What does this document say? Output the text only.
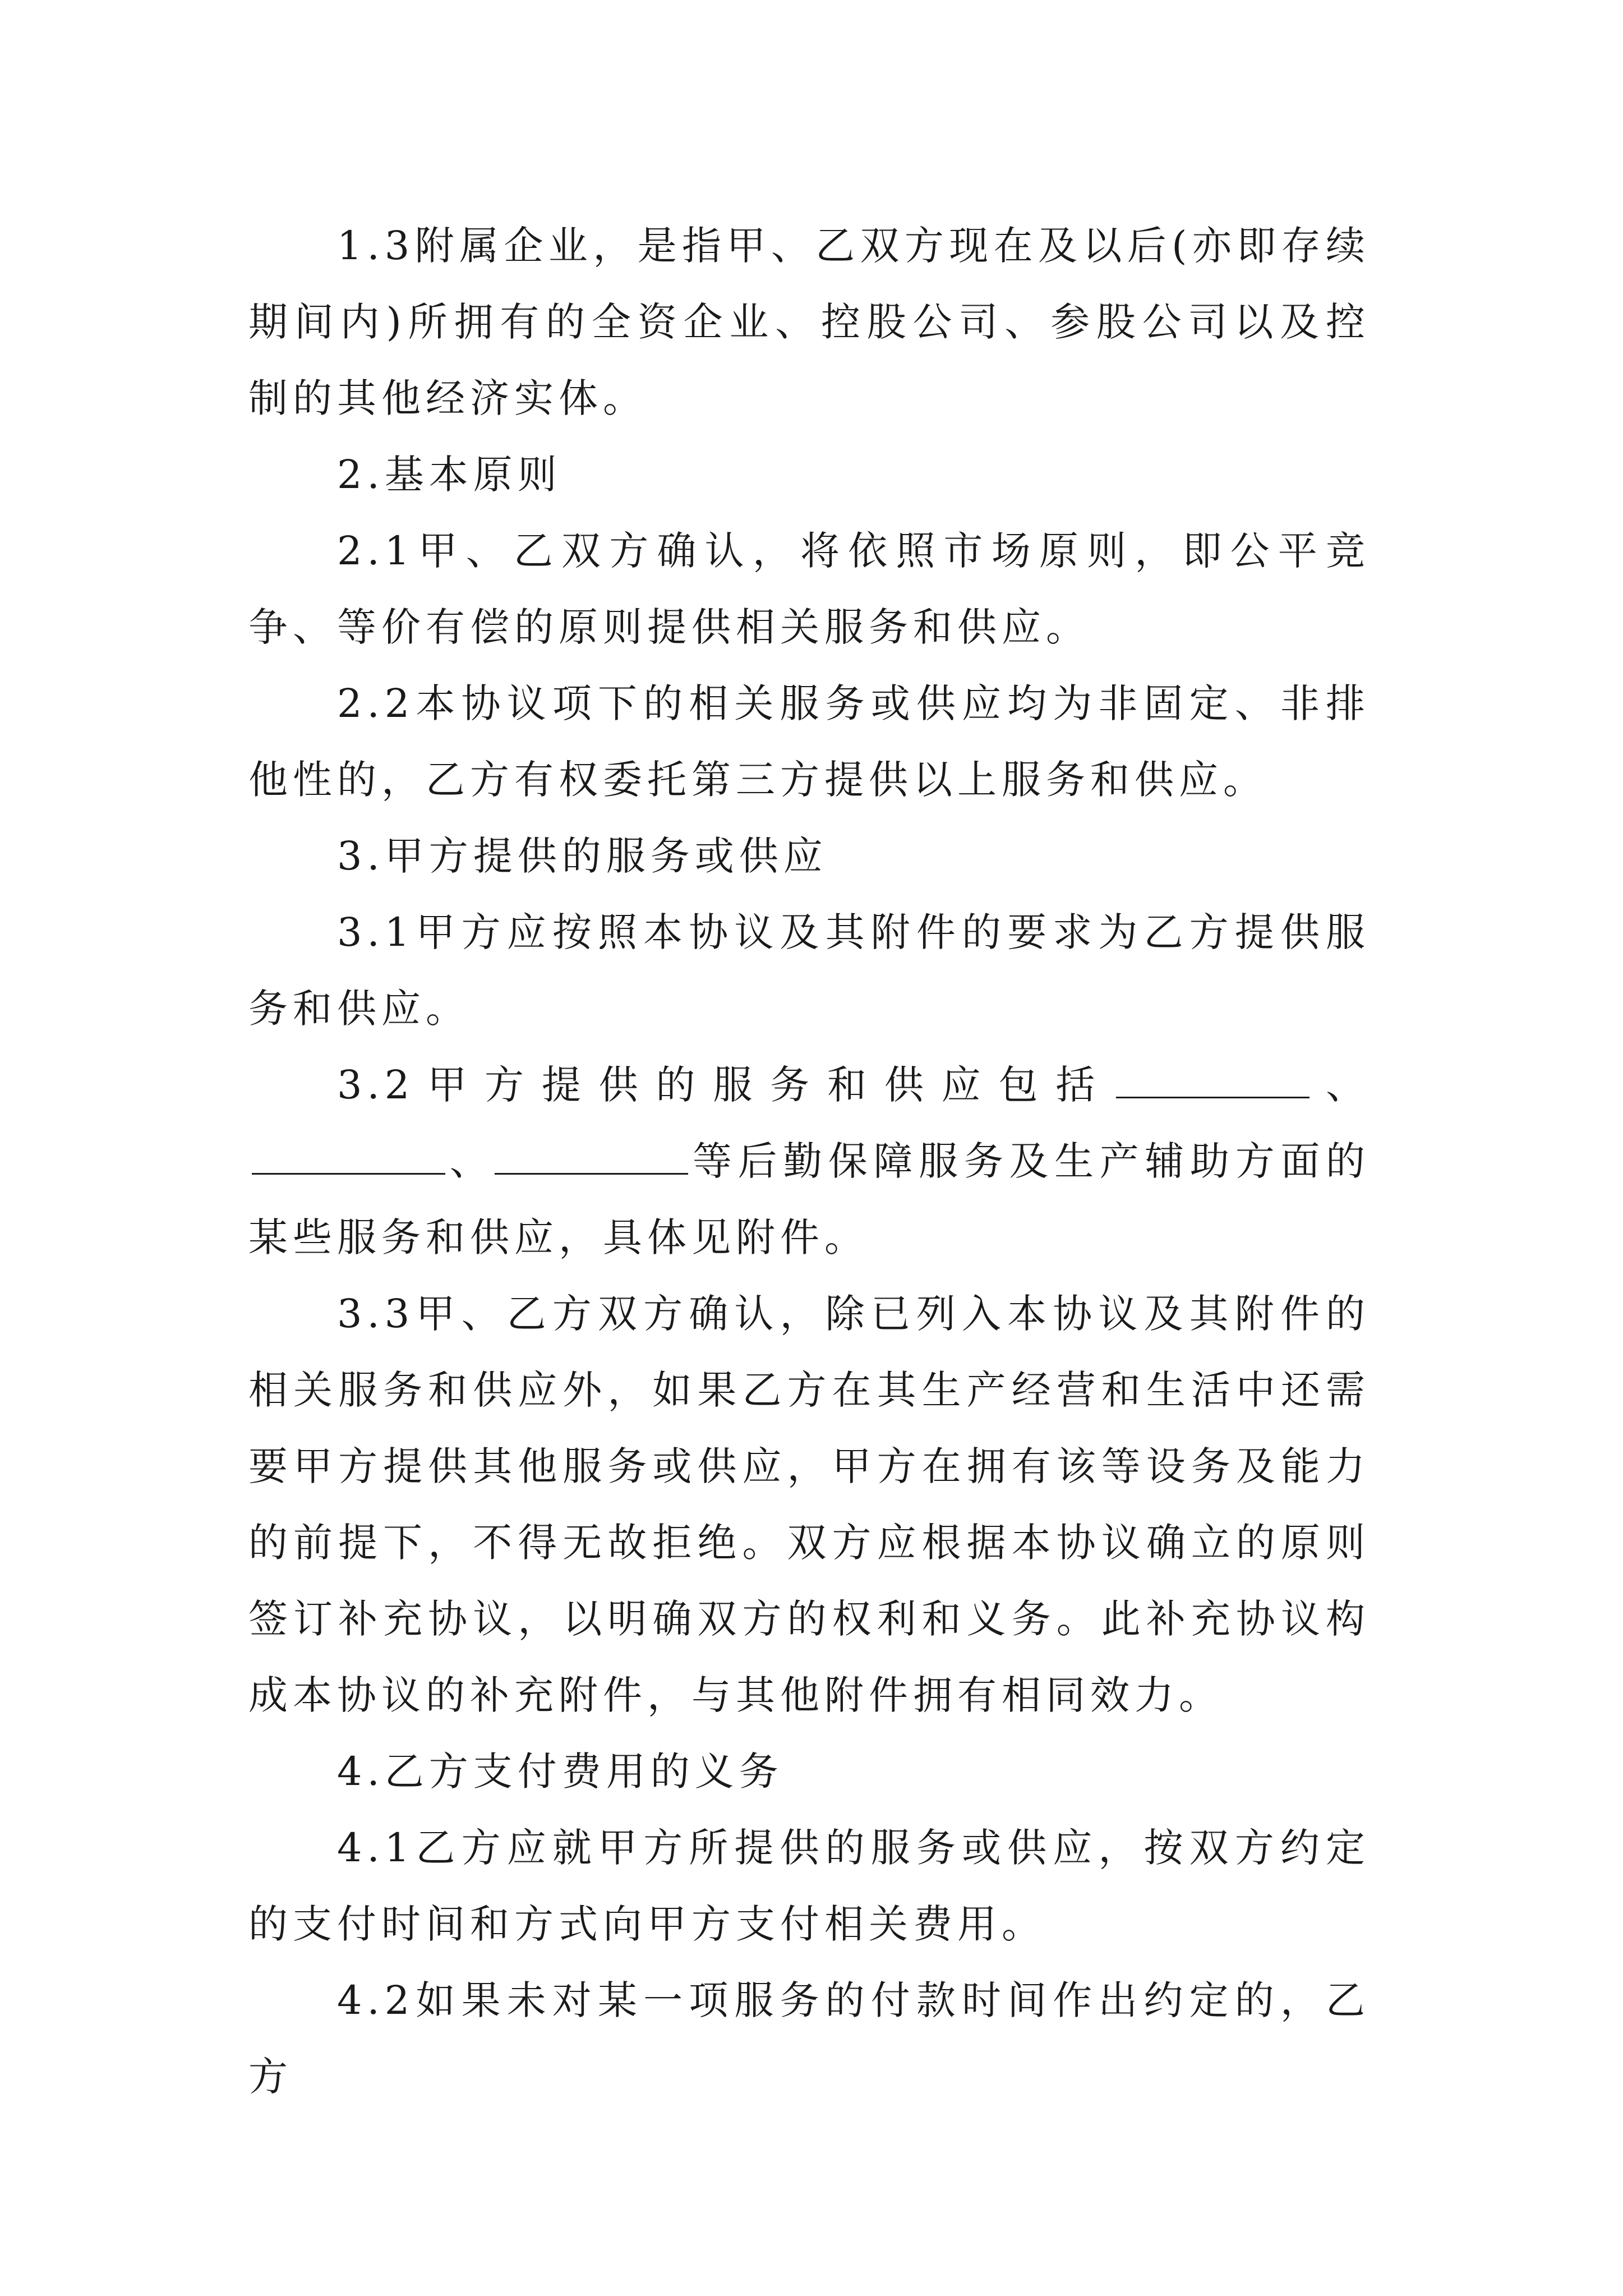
1.3附属企业，是指甲、乙双方现在及以后(亦即存续期间内)所拥有的全资企业、控股公司、参股公司以及控制的其他经济实体。

2.基本原则

2.1甲、乙双方确认，将依照市场原则，即公平竞争、等价有偿的原则提供相关服务和供应。

2.2本协议项下的相关服务或供应均为非固定、非排他性的，乙方有权委托第三方提供以上服务和供应。

3.甲方提供的服务或供应

3.1甲方应按照本协议及其附件的要求为乙方提供服务和供应。

3.2甲方提供的服务和供应包括	、、	等后勤保障服务及生产辅助方面的某些服务和供应，具体见附件。

3.3甲、乙方双方确认，除已列入本协议及其附件的相关服务和供应外，如果乙方在其生产经营和生活中还需要甲方提供其他服务或供应，甲方在拥有该等设务及能力的前提下，不得无故拒绝。双方应根据本协议确立的原则签订补充协议，以明确双方的权利和义务。此补充协议构成本协议的补充附件，与其他附件拥有相同效力。

4.乙方支付费用的义务

4.1乙方应就甲方所提供的服务或供应，按双方约定的支付时间和方式向甲方支付相关费用。

4.2如果未对某一项服务的付款时间作出约定的，乙方
